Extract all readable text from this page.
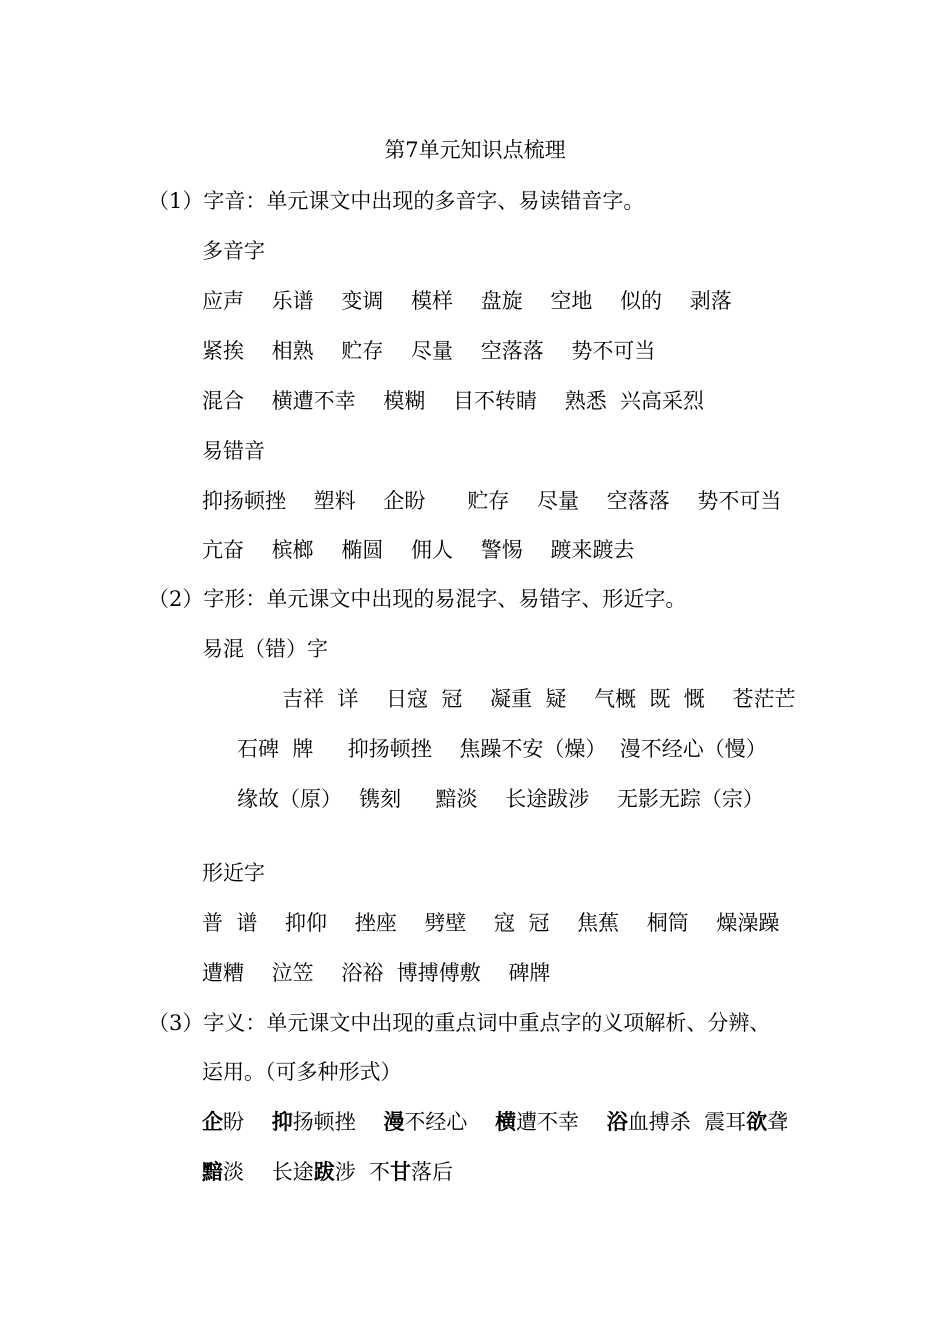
第7单元知识点梳理
（1）字音：单元课文中出现的多音字、易读错音字。
多音字
应声　 乐谱　 变调　 模样　 盘旋　 空地　 似的　 剥落
紧挨　 相熟　 贮存　 尽量　 空落落　 势不可当
混合　 横遭不幸　 模糊　 目不转睛　 熟悉  兴高采烈
易错音
抑扬顿挫　 塑料　 企盼　　贮存　 尽量　 空落落　 势不可当
亢奋　 槟榔　 椭圆　 佣人　 警惕　 踱来踱去
（2）字形：单元课文中出现的易混字、易错字、形近字。
易混（错）字
吉祥  详　 日寇  冠　 凝重  疑　 气概  既  慨　 苍茫芒
石碑  牌　  抑扬顿挫　 焦躁不安（燥）  漫不经心（慢）
缘故（原）　 镌刻 　 黯淡　 长途跋涉　 无影无踪（宗）
形近字
普  谱　 抑仰　 挫座　 劈壁　 寇  冠　 焦蕉　 桐筒　 燥澡躁
遭糟　 泣笠　 浴裕  博搏傅敷　 碑牌
（3）字义：单元课文中出现的重点词中重点字的义项解析、分辨、
运用。（可多种形式）
企盼　 抑扬顿挫　 漫不经心　 横遭不幸　 浴血搏杀  震耳欲聋
黯淡　 长途跋涉  不甘落后
